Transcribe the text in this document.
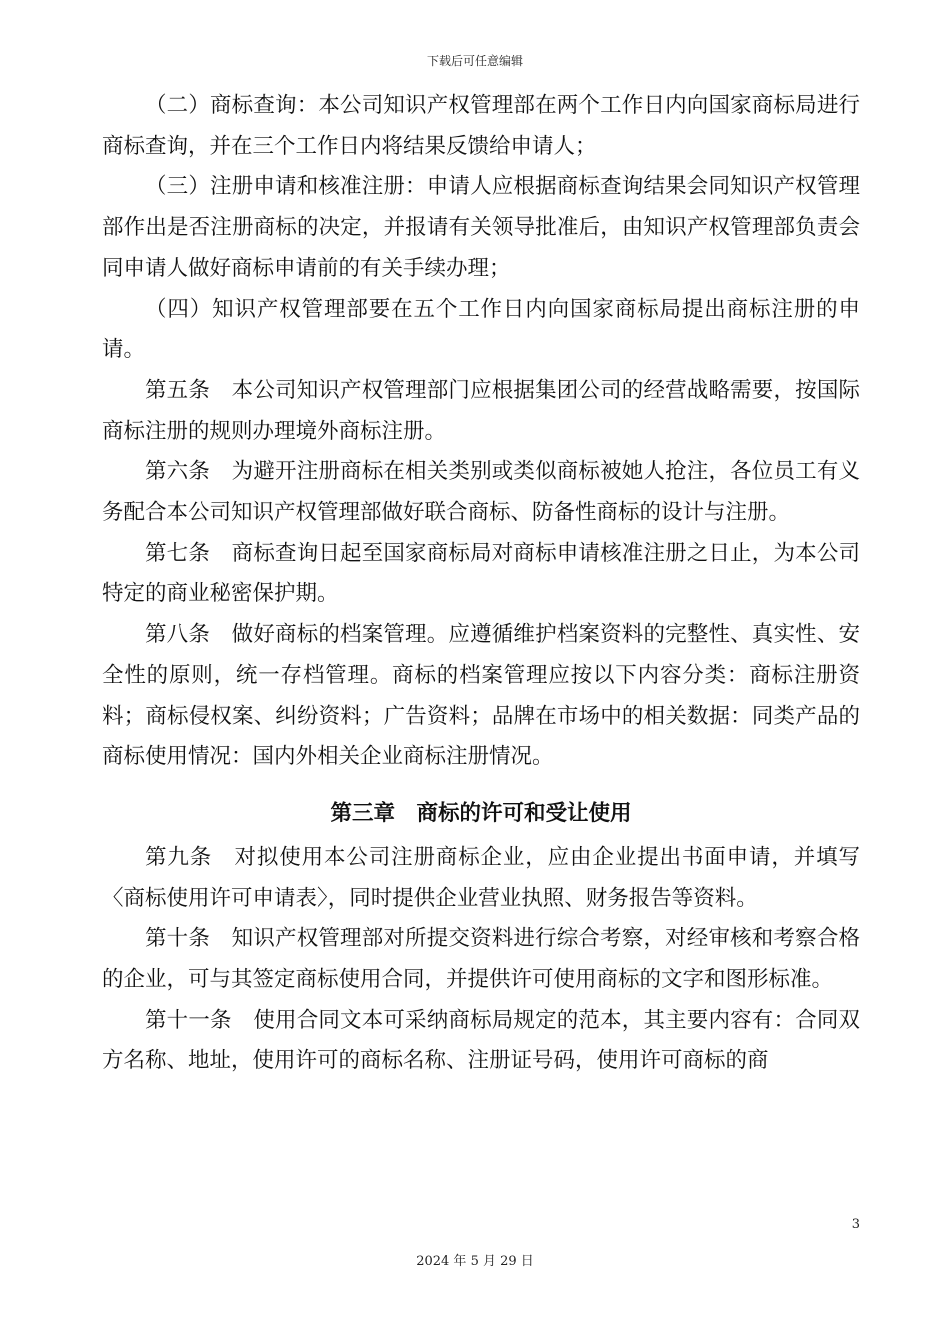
下载后可任意编辑

（二）商标查询：本公司知识产权管理部在两个工作日内向国家商标局进行商标查询，并在三个工作日内将结果反馈给申请人；

（三）注册申请和核准注册：申请人应根据商标查询结果会同知识产权管理部作出是否注册商标的决定，并报请有关领导批准后，由知识产权管理部负责会同申请人做好商标申请前的有关手续办理；

（四）知识产权管理部要在五个工作日内向国家商标局提出商标注册的申请。

第五条　本公司知识产权管理部门应根据集团公司的经营战略需要，按国际商标注册的规则办理境外商标注册。

第六条　为避开注册商标在相关类别或类似商标被她人抢注，各位员工有义务配合本公司知识产权管理部做好联合商标、防备性商标的设计与注册。

第七条　商标查询日起至国家商标局对商标申请核准注册之日止，为本公司特定的商业秘密保护期。

第八条　做好商标的档案管理。应遵循维护档案资料的完整性、真实性、安全性的原则，统一存档管理。商标的档案管理应按以下内容分类：商标注册资料；商标侵权案、纠纷资料；广告资料；品牌在市场中的相关数据：同类产品的商标使用情况：国内外相关企业商标注册情况。

第三章　商标的许可和受让使用

第九条　对拟使用本公司注册商标企业，应由企业提出书面申请，并填写〈商标使用许可申请表〉，同时提供企业营业执照、财务报告等资料。

第十条　知识产权管理部对所提交资料进行综合考察，对经审核和考察合格的企业，可与其签定商标使用合同，并提供许可使用商标的文字和图形标准。

第十一条　使用合同文本可采纳商标局规定的范本，其主要内容有：合同双方名称、地址，使用许可的商标名称、注册证号码，使用许可商标的商

3
2024 年 5 月 29 日
